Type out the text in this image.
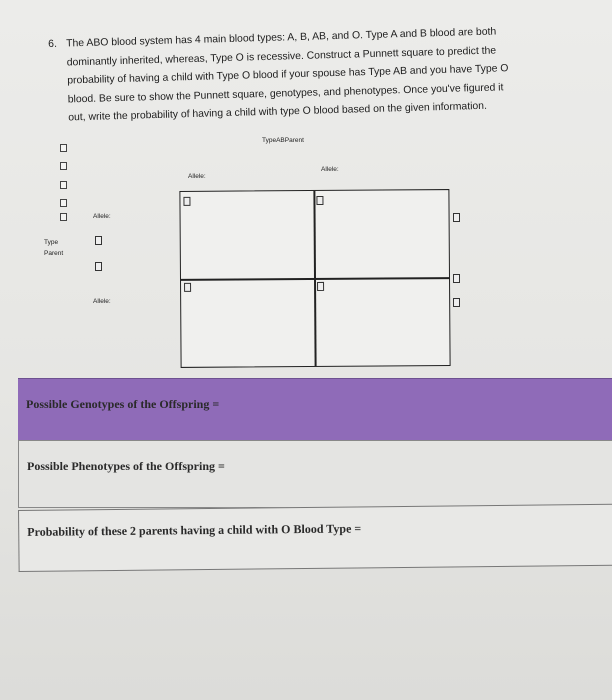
6. The ABO blood system has 4 main blood types: A, B, AB, and O. Type A and B blood are both
dominantly inherited, whereas, Type O is recessive. Construct a Punnett square to predict the
probability of having a child with Type O blood if your spouse has Type AB and you have Type O
blood. Be sure to show the Punnett square, genotypes, and phenotypes. Once you've figured it
out, write the probability of having a child with type O blood based on the given information.
TypeABParent
Allele:
Allele:
Allele:
Type
Parent
Allele:
Possible Genotypes of the Offspring =
Possible Phenotypes of the Offspring =
Probability of these 2 parents having a child with O Blood Type =
